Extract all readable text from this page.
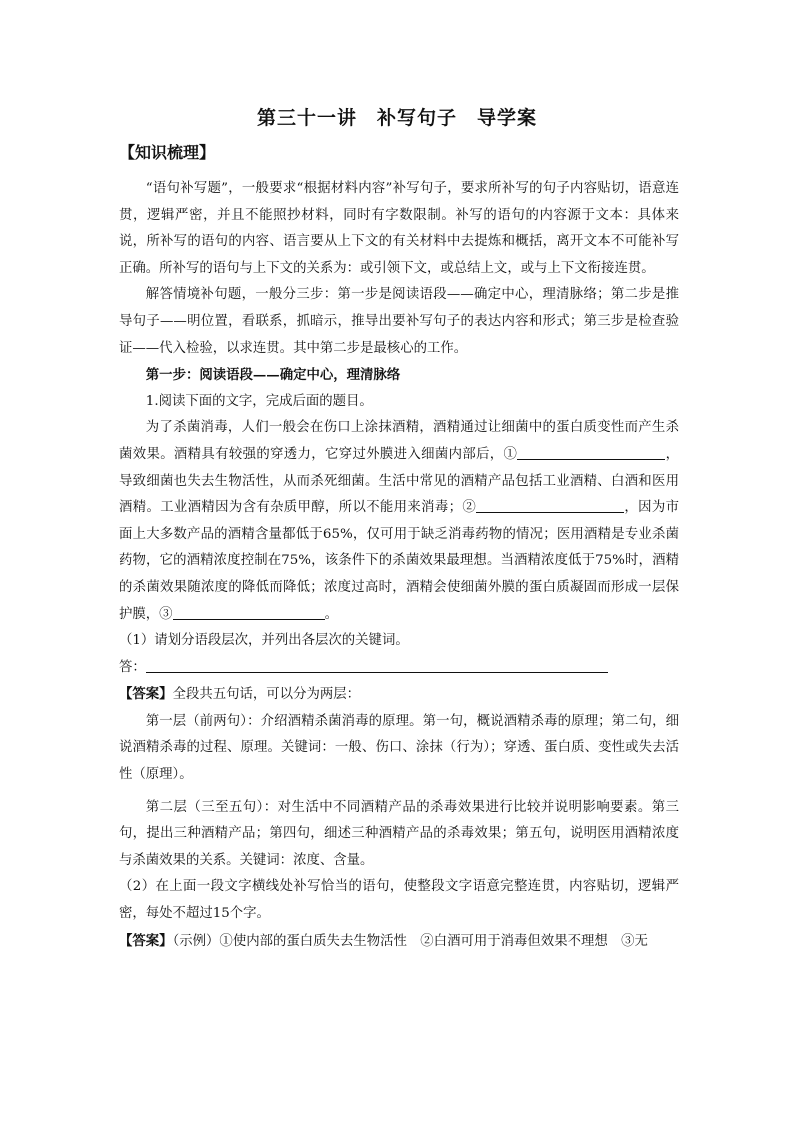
第三十一讲　补写句子　导学案
【知识梳理】

“语句补写题”，一般要求“根据材料内容”补写句子，要求所补写的句子内容贴切，语意连贯，逻辑严密，并且不能照抄材料，同时有字数限制。补写的语句的内容源于文本：具体来说，所补写的语句的内容、语言要从上下文的有关材料中去提炼和概括，离开文本不可能补写正确。所补写的语句与上下文的关系为：或引领下文，或总结上文，或与上下文衔接连贯。

解答情境补句题，一般分三步：第一步是阅读语段——确定中心，理清脉络；第二步是推导句子——明位置，看联系，抓暗示，推导出要补写句子的表达内容和形式；第三步是检查验证——代入检验，以求连贯。其中第二步是最核心的工作。

第一步：阅读语段——确定中心，理清脉络

1.阅读下面的文字，完成后面的题目。

为了杀菌消毒，人们一般会在伤口上涂抹酒精，酒精通过让细菌中的蛋白质变性而产生杀菌效果。酒精具有较强的穿透力，它穿过外膜进入细菌内部后，①	，导致细菌也失去生物活性，从而杀死细菌。生活中常见的酒精产品包括工业酒精、白酒和医用酒精。工业酒精因为含有杂质甲醇，所以不能用来消毒；②	，因为市面上大多数产品的酒精含量都低于65%，仅可用于缺乏消毒药物的情况；医用酒精是专业杀菌药物，它的酒精浓度控制在75%，该条件下的杀菌效果最理想。当酒精浓度低于75%时，酒精的杀菌效果随浓度的降低而降低；浓度过高时，酒精会使细菌外膜的蛋白质凝固而形成一层保护膜，③	。

（1）请划分语段层次，并列出各层次的关键词。

答：

【答案】全段共五句话，可以分为两层：

第一层（前两句）：介绍酒精杀菌消毒的原理。第一句，概说酒精杀毒的原理；第二句，细说酒精杀毒的过程、原理。关键词：一般、伤口、涂抹（行为）；穿透、蛋白质、变性或失去活性（原理）。

第二层（三至五句）：对生活中不同酒精产品的杀毒效果进行比较并说明影响要素。第三句，提出三种酒精产品；第四句，细述三种酒精产品的杀毒效果；第五句，说明医用酒精浓度与杀菌效果的关系。关键词：浓度、含量。

（2）在上面一段文字横线处补写恰当的语句，使整段文字语意完整连贯，内容贴切，逻辑严密，每处不超过15个字。

【答案】（示例）①使内部的蛋白质失去生物活性　②白酒可用于消毒但效果不理想　③无
